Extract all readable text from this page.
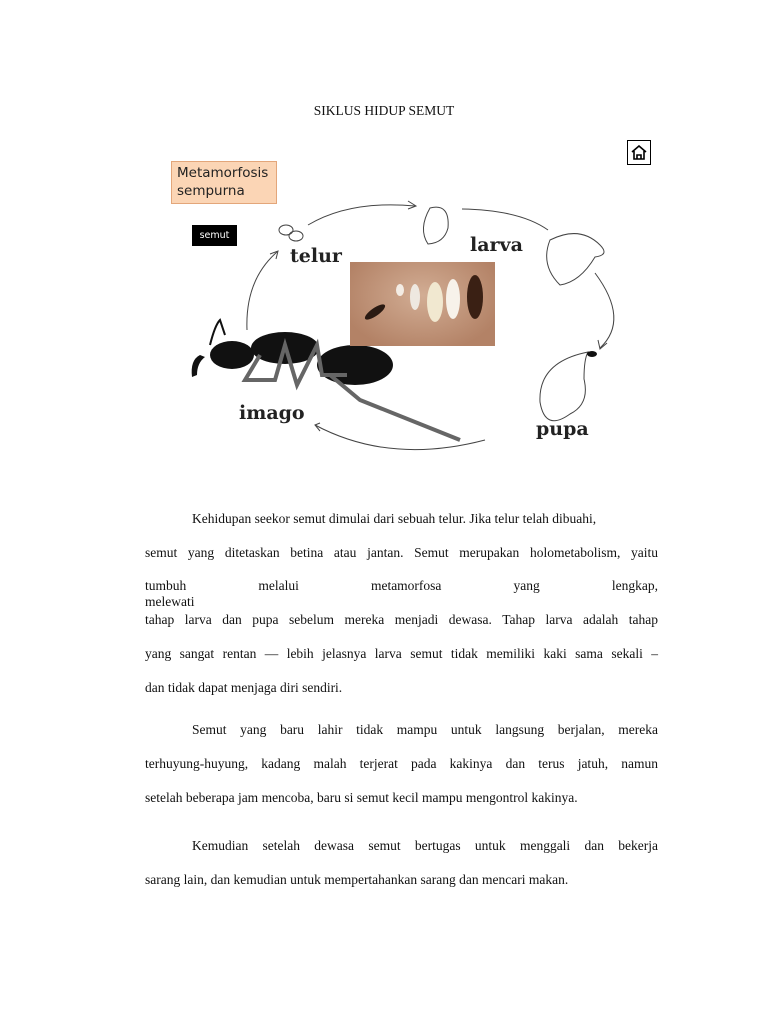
SIKLUS HIDUP SEMUT
Metamorfosis sempurna
semut
telur	larva
pupa
imago
Kehidupan seekor semut dimulai dari sebuah telur. Jika telur telah dibuahi,
semut yang ditetaskan betina atau jantan. Semut merupakan holometabolism, yaitu
tumbuh melalui metamorfosa yang lengkap, melewati
tahap larva dan pupa sebelum mereka menjadi dewasa. Tahap larva adalah tahap
yang sangat rentan — lebih jelasnya larva semut tidak memiliki kaki sama sekali –
dan tidak dapat menjaga diri sendiri.
Semut yang baru lahir tidak mampu untuk langsung berjalan, mereka
terhuyung-huyung, kadang malah terjerat pada kakinya dan terus jatuh, namun
setelah beberapa jam mencoba, baru si semut kecil mampu mengontrol kakinya.
Kemudian setelah dewasa semut bertugas untuk menggali dan bekerja
sarang lain, dan kemudian untuk mempertahankan sarang dan mencari makan.
